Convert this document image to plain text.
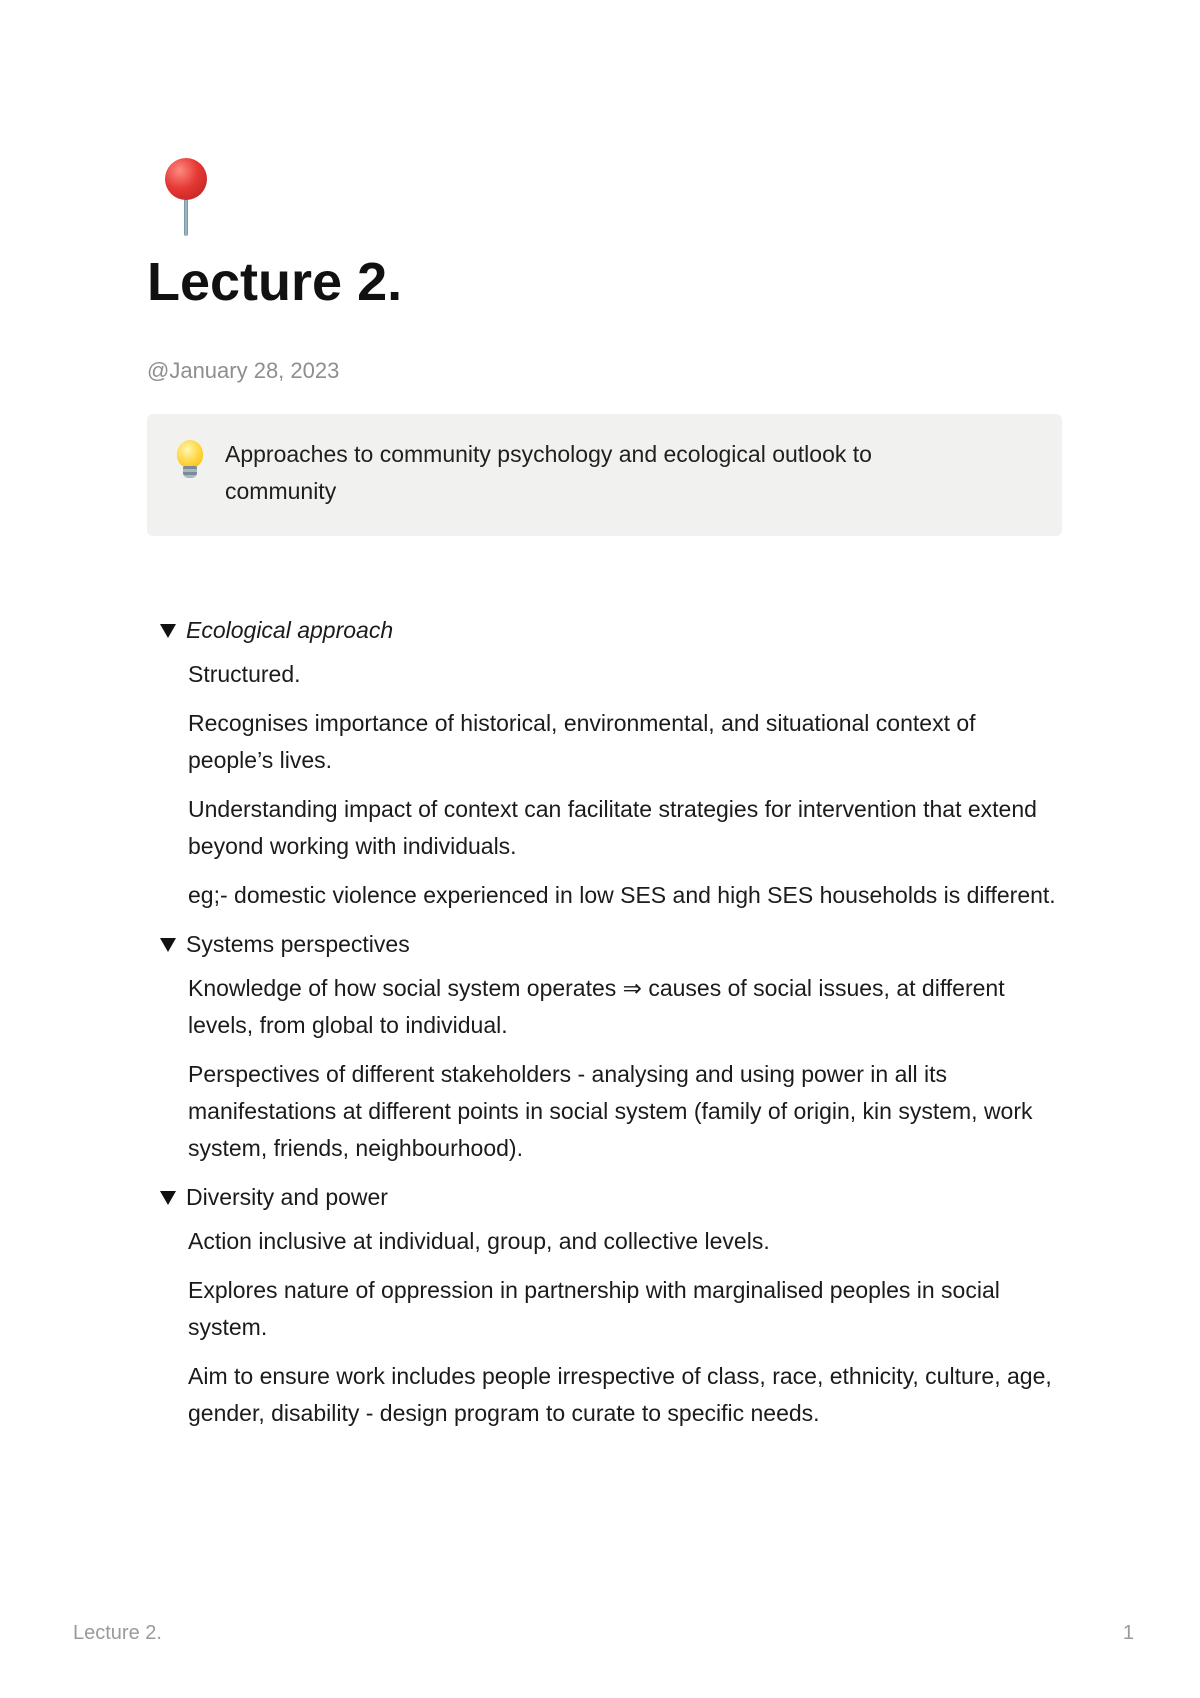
Lecture 2.
@January 28, 2023
Approaches to community psychology and ecological outlook to community
Ecological approach

Structured.

Recognises importance of historical, environmental, and situational context of people’s lives.

Understanding impact of context can facilitate strategies for intervention that extend beyond working with individuals.

eg;- domestic violence experienced in low SES and high SES households is different.

Systems perspectives

Knowledge of how social system operates ⇒ causes of social issues, at different levels, from global to individual.

Perspectives of different stakeholders - analysing and using power in all its manifestations at different points in social system (family of origin, kin system, work system, friends, neighbourhood).

Diversity and power

Action inclusive at individual, group, and collective levels.

Explores nature of oppression in partnership with marginalised peoples in social system.

Aim to ensure work includes people irrespective of class, race, ethnicity, culture, age, gender, disability - design program to curate to specific needs.

Lecture 2.	1
